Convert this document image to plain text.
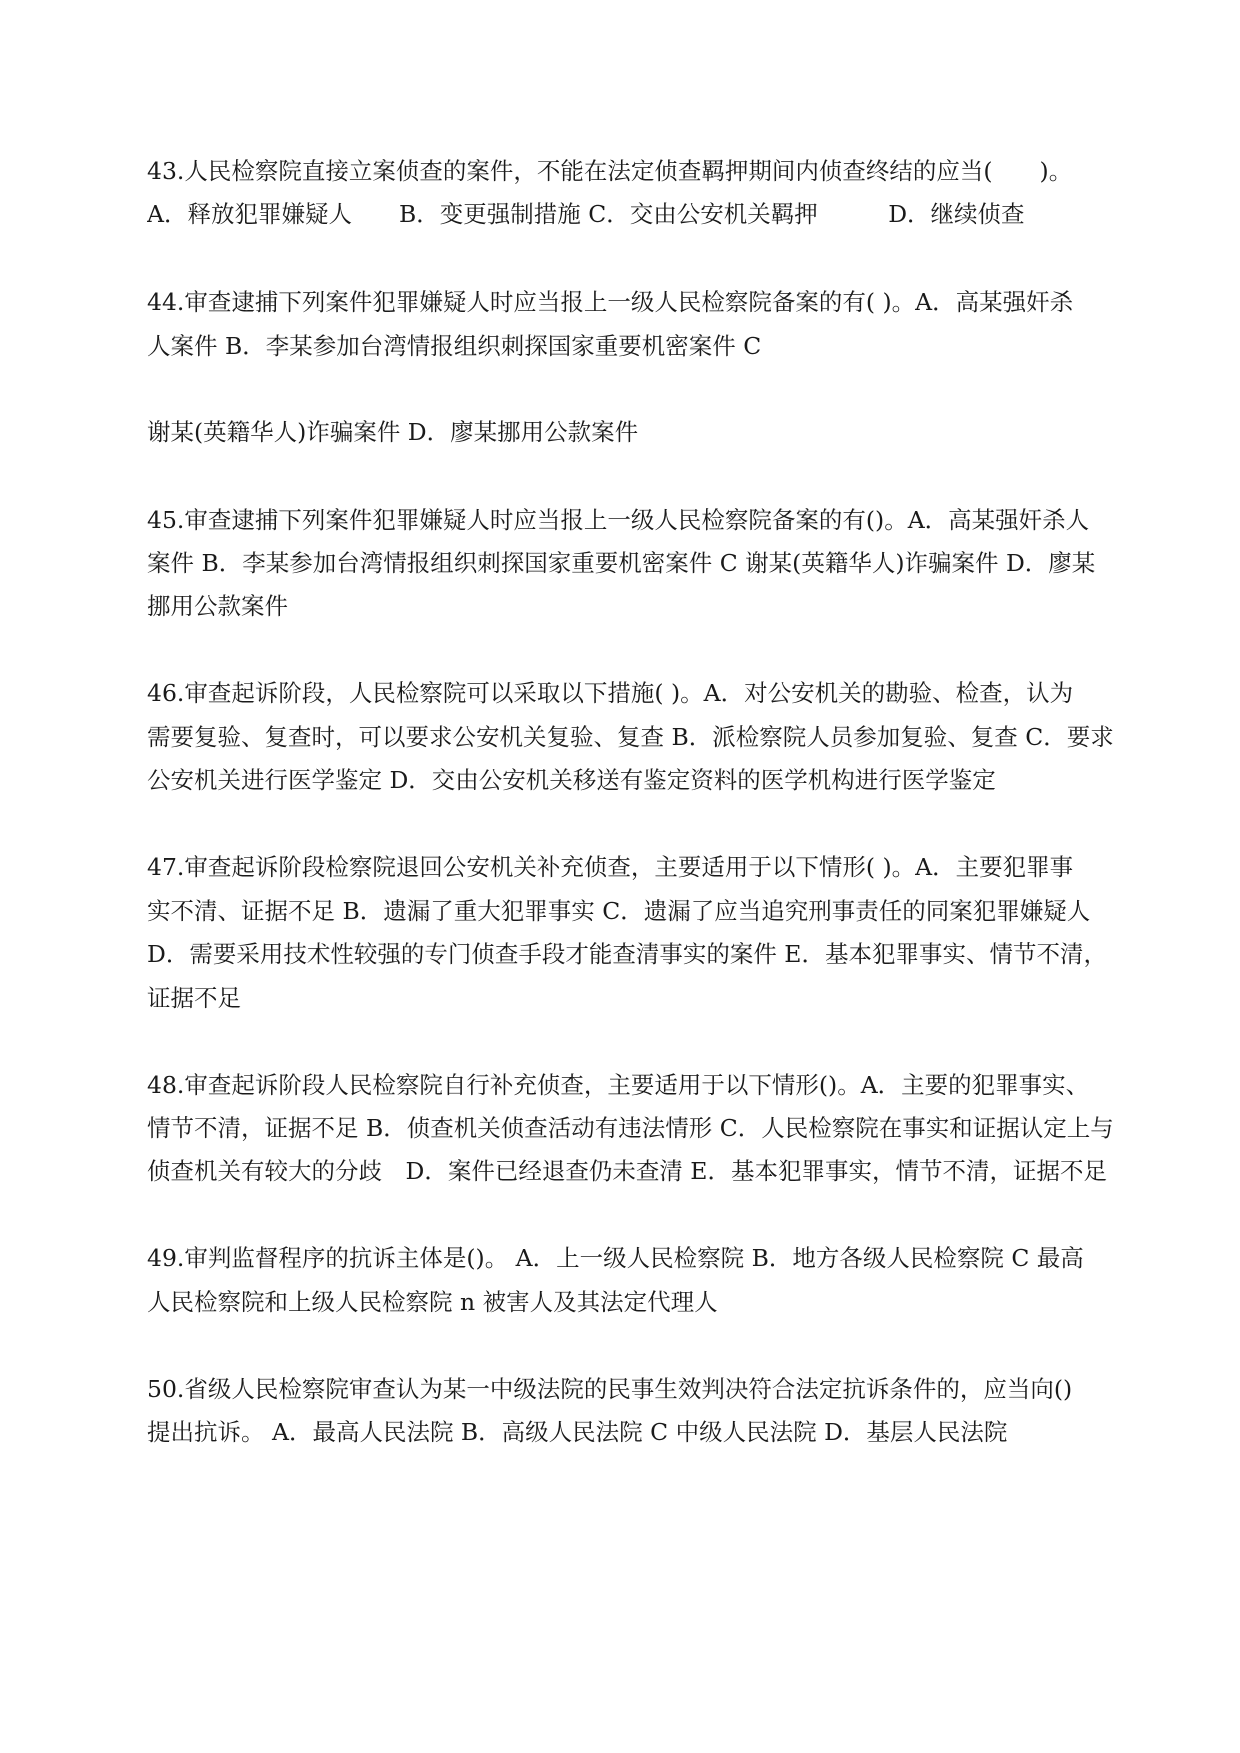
43.人民检察院直接立案侦查的案件，不能在法定侦查羁押期间内侦查终结的应当(　　)。
A．释放犯罪嫌疑人　　B．变更强制措施 C．交由公安机关羁押　　　D．继续侦查
44.审查逮捕下列案件犯罪嫌疑人时应当报上一级人民检察院备案的有( )。A．高某强奸杀
人案件 B．李某参加台湾情报组织刺探国家重要机密案件 C
谢某(英籍华人)诈骗案件 D．廖某挪用公款案件
45.审查逮捕下列案件犯罪嫌疑人时应当报上一级人民检察院备案的有()。A．高某强奸杀人
案件 B．李某参加台湾情报组织刺探国家重要机密案件 C 谢某(英籍华人)诈骗案件 D．廖某
挪用公款案件
46.审查起诉阶段，人民检察院可以采取以下措施( )。A．对公安机关的勘验、检查，认为
需要复验、复查时，可以要求公安机关复验、复查 B．派检察院人员参加复验、复查 C．要求
公安机关进行医学鉴定 D．交由公安机关移送有鉴定资料的医学机构进行医学鉴定
47.审查起诉阶段检察院退回公安机关补充侦查，主要适用于以下情形( )。A．主要犯罪事
实不清、证据不足 B．遗漏了重大犯罪事实 C．遗漏了应当追究刑事责任的同案犯罪嫌疑人
D．需要采用技术性较强的专门侦查手段才能查清事实的案件 E．基本犯罪事实、情节不清，
证据不足
48.审查起诉阶段人民检察院自行补充侦查，主要适用于以下情形()。A．主要的犯罪事实、
情节不清，证据不足 B．侦查机关侦查活动有违法情形 C．人民检察院在事实和证据认定上与
侦查机关有较大的分歧　D．案件已经退查仍未查清 E．基本犯罪事实，情节不清，证据不足
49.审判监督程序的抗诉主体是()。 A．上一级人民检察院 B．地方各级人民检察院 C 最高
人民检察院和上级人民检察院 n 被害人及其法定代理人
50.省级人民检察院审查认为某一中级法院的民事生效判决符合法定抗诉条件的，应当向()
提出抗诉。 A．最高人民法院 B．高级人民法院 C 中级人民法院 D．基层人民法院
